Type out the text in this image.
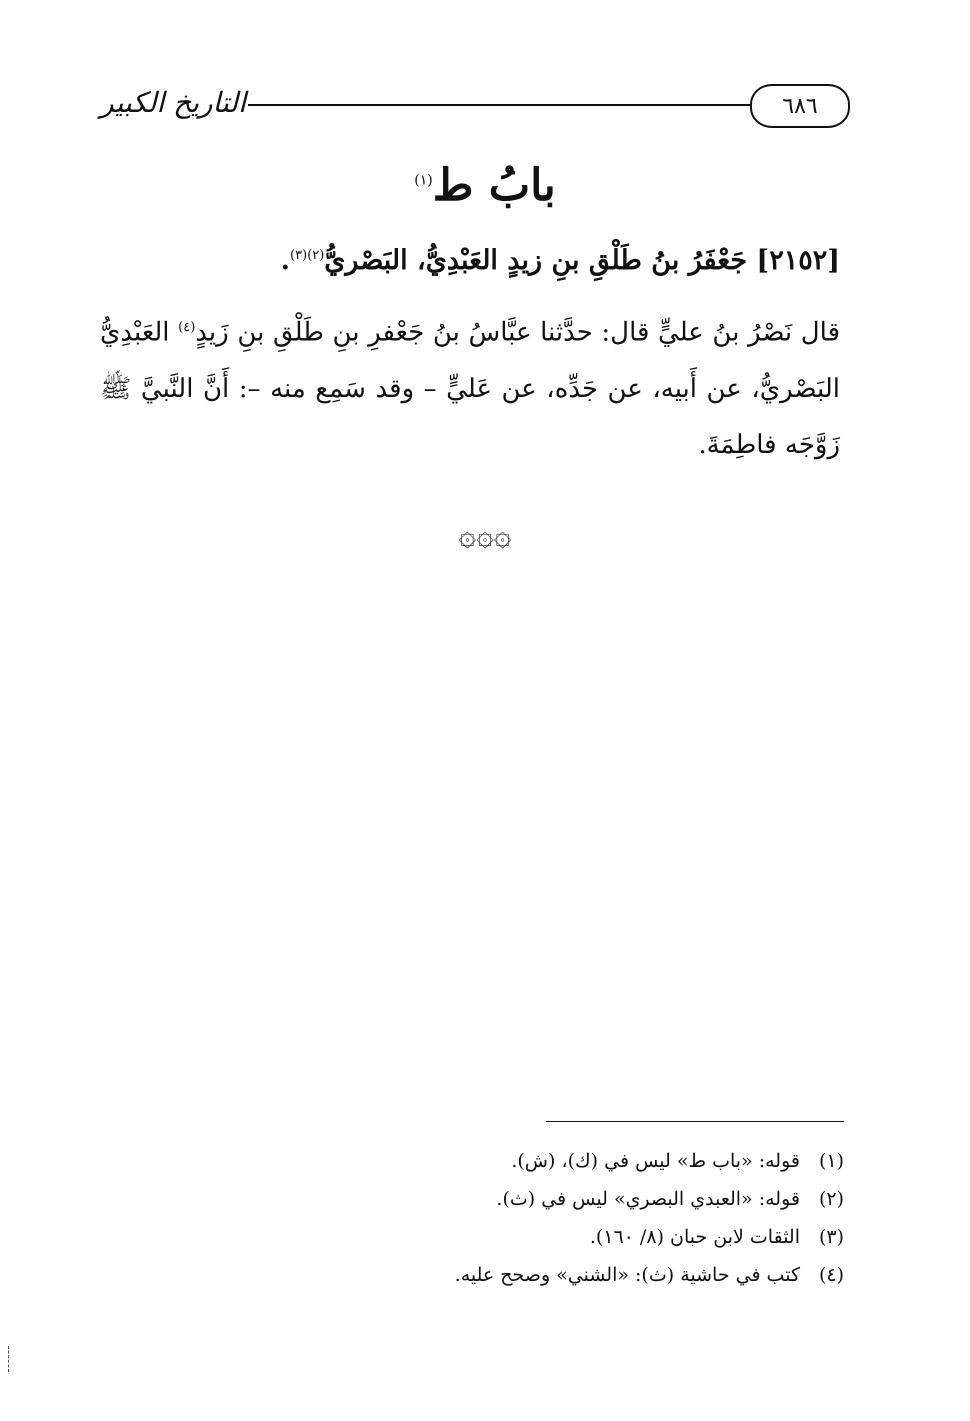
التاريخ الكبير	٦٨٦
بابُ ط$^{(١)}$
[٢١٥٢] جَعْفَرُ بنُ طَلْقِ بنِ زيدٍ العَبْدِيُّ، البَصْريُّ$^{(٢)(٣)}$.
قال نَصْرُ بنُ عليٍّ قال: حدَّثنا عبَّاسُ بنُ جَعْفرِ بنِ طَلْقِ بنِ زَيدٍ$^{(٤)}$ العَبْدِيُّ البَصْريُّ، عن أَبيه، عن جَدِّه، عن عَليٍّ – وقد سَمِع منه –: أَنَّ النَّبيَّ ﷺ زَوَّجَه فاطِمَةَ.
۞۞۞
(١)قوله: «باب ط» ليس في (ك)، (ش).
(٢)قوله: «العبدي البصري» ليس في (ث).
(٣)الثقات لابن حبان (٨/ ١٦٠).
(٤)كتب في حاشية (ث): «الشني» وصحح عليه.
